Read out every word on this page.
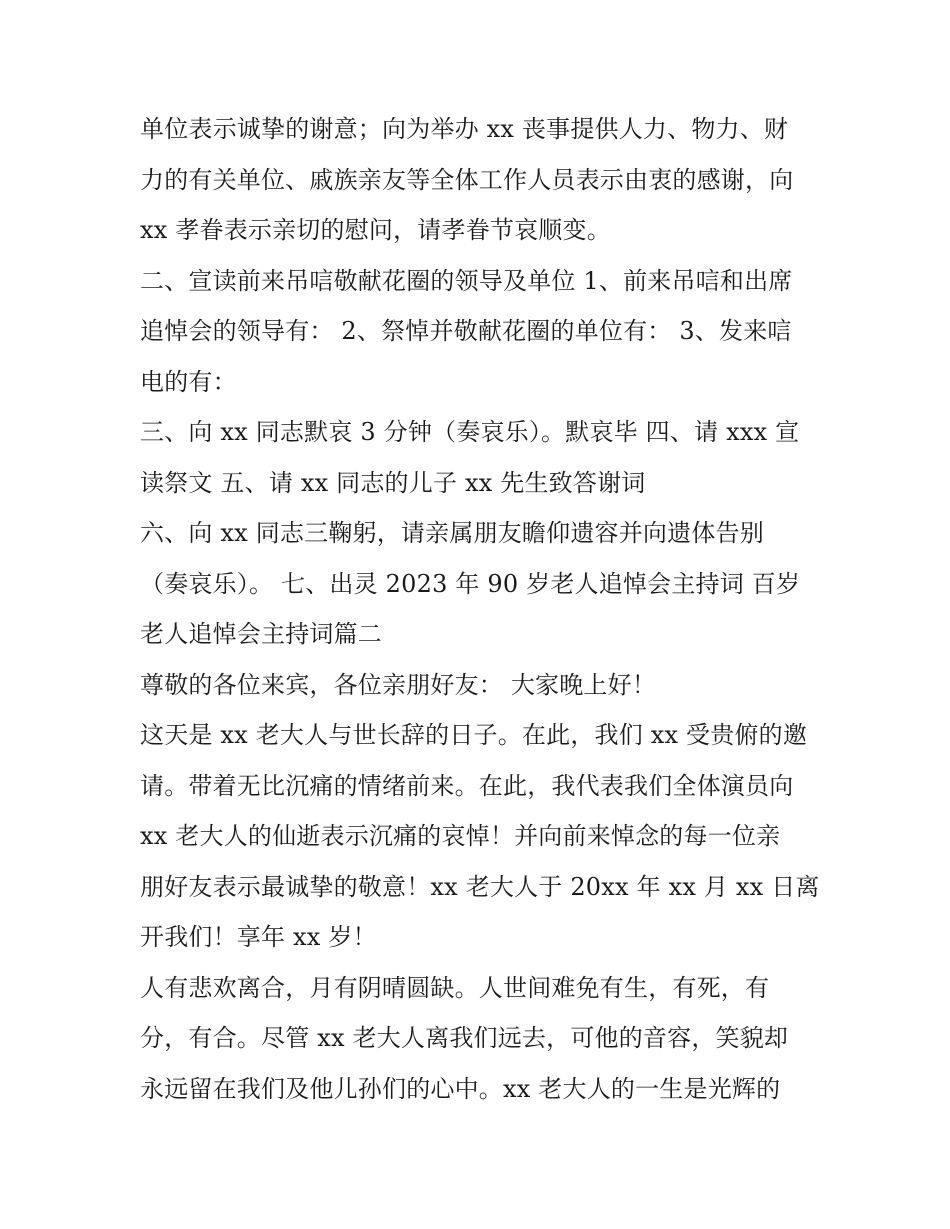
单位表示诚挚的谢意；向为举办 xx 丧事提供人力、物力、财
力的有关单位、戚族亲友等全体工作人员表示由衷的感谢，向
xx 孝眷表示亲切的慰问，请孝眷节哀顺变。
二、宣读前来吊唁敬献花圈的领导及单位 1、前来吊唁和出席
追悼会的领导有： 2、祭悼并敬献花圈的单位有： 3、发来唁
电的有：
三、向 xx 同志默哀 3 分钟（奏哀乐）。默哀毕 四、请 xxx 宣
读祭文 五、请 xx 同志的儿子 xx 先生致答谢词
六、向 xx 同志三鞠躬，请亲属朋友瞻仰遗容并向遗体告别
（奏哀乐）。 七、出灵 2023 年 90 岁老人追悼会主持词 百岁
老人追悼会主持词篇二
尊敬的各位来宾，各位亲朋好友： 大家晚上好！
这天是 xx 老大人与世长辞的日子。在此，我们 xx 受贵俯的邀
请。带着无比沉痛的情绪前来。在此，我代表我们全体演员向
xx 老大人的仙逝表示沉痛的哀悼！并向前来悼念的每一位亲
朋好友表示最诚挚的敬意！xx 老大人于 20xx 年 xx 月 xx 日离
开我们！享年 xx 岁！
人有悲欢离合，月有阴晴圆缺。人世间难免有生，有死，有
分，有合。尽管 xx 老大人离我们远去，可他的音容，笑貌却
永远留在我们及他儿孙们的心中。xx 老大人的一生是光辉的
